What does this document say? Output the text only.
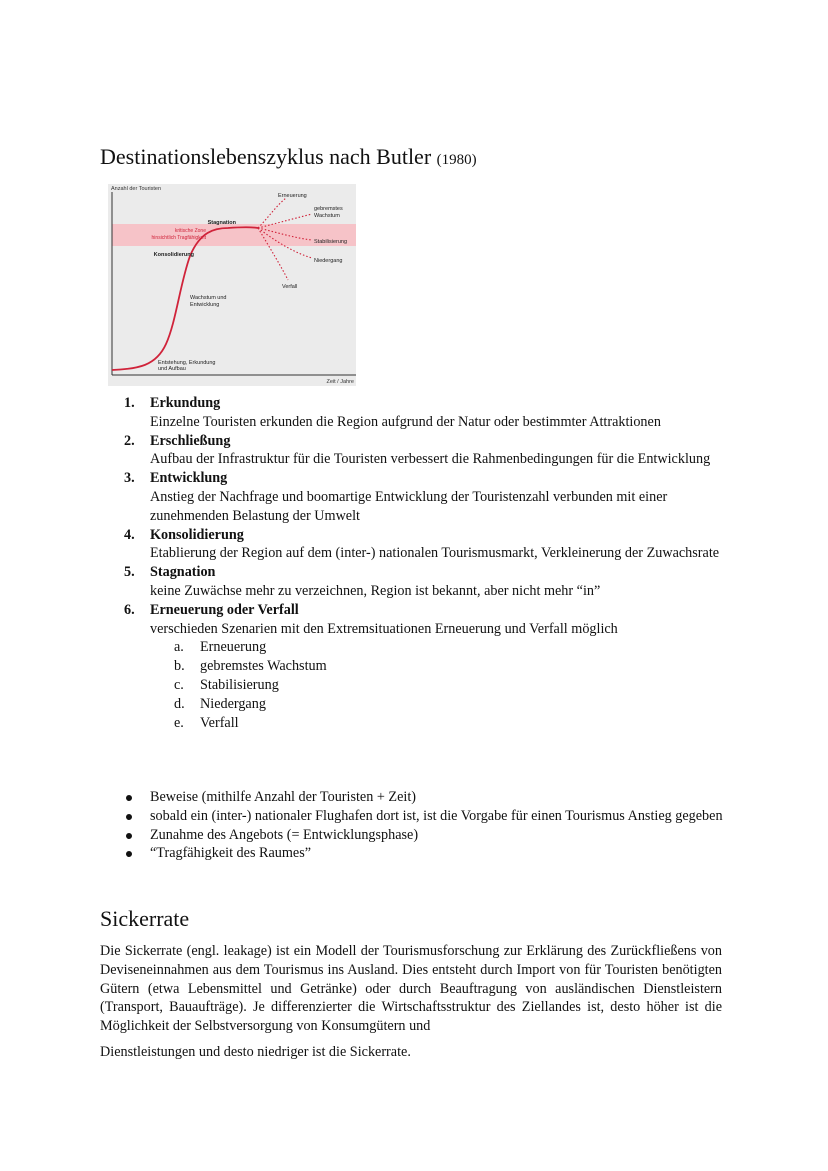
Destinationslebenszyklus nach Butler (1980)
Anzahl der Touristen
Zeit / Jahre
Stagnation
kritische Zone
hinsichtlich Tragfähigkeit
Konsolidierung
Wachstum und
Entwicklung
Entstehung, Erkundung
und Aufbau
Erneuerung
gebremstes
Wachstum
Stabilisierung
Niedergang
Verfall
1. Erkundung
Einzelne Touristen erkunden die Region aufgrund der Natur oder bestimmter Attraktionen
2. Erschließung
Aufbau der Infrastruktur für die Touristen verbessert die Rahmenbedingungen für die Entwicklung
3. Entwicklung
Anstieg der Nachfrage und boomartige Entwicklung der Touristenzahl verbunden mit einer zunehmenden Belastung der Umwelt
4. Konsolidierung
Etablierung der Region auf dem (inter-) nationalen Tourismusmarkt, Verkleinerung der Zuwachsrate
5. Stagnation
keine Zuwächse mehr zu verzeichnen, Region ist bekannt, aber nicht mehr “in”
6. Erneuerung oder Verfall
verschieden Szenarien mit den Extremsituationen Erneuerung und Verfall möglich
a. Erneuerung
b. gebremstes Wachstum
c. Stabilisierung
d. Niedergang
e. Verfall
Beweise (mithilfe Anzahl der Touristen + Zeit)
sobald ein (inter-) nationaler Flughafen dort ist, ist die Vorgabe für einen Tourismus Anstieg gegeben
Zunahme des Angebots (= Entwicklungsphase)
“Tragfähigkeit des Raumes”
Sickerrate

Die Sickerrate (engl. leakage) ist ein Modell der Tourismusforschung zur Erklärung des Zurückfließens von Deviseneinnahmen aus dem Tourismus ins Ausland. Dies entsteht durch Import von für Touristen benötigten Gütern (etwa Lebensmittel und Getränke) oder durch Beauftragung von ausländischen Dienstleistern (Transport, Bauaufträge). Je differenzierter die Wirtschaftsstruktur des Ziellandes ist, desto höher ist die Möglichkeit der Selbstversorgung von Konsumgütern und

Dienstleistungen und desto niedriger ist die Sickerrate.
